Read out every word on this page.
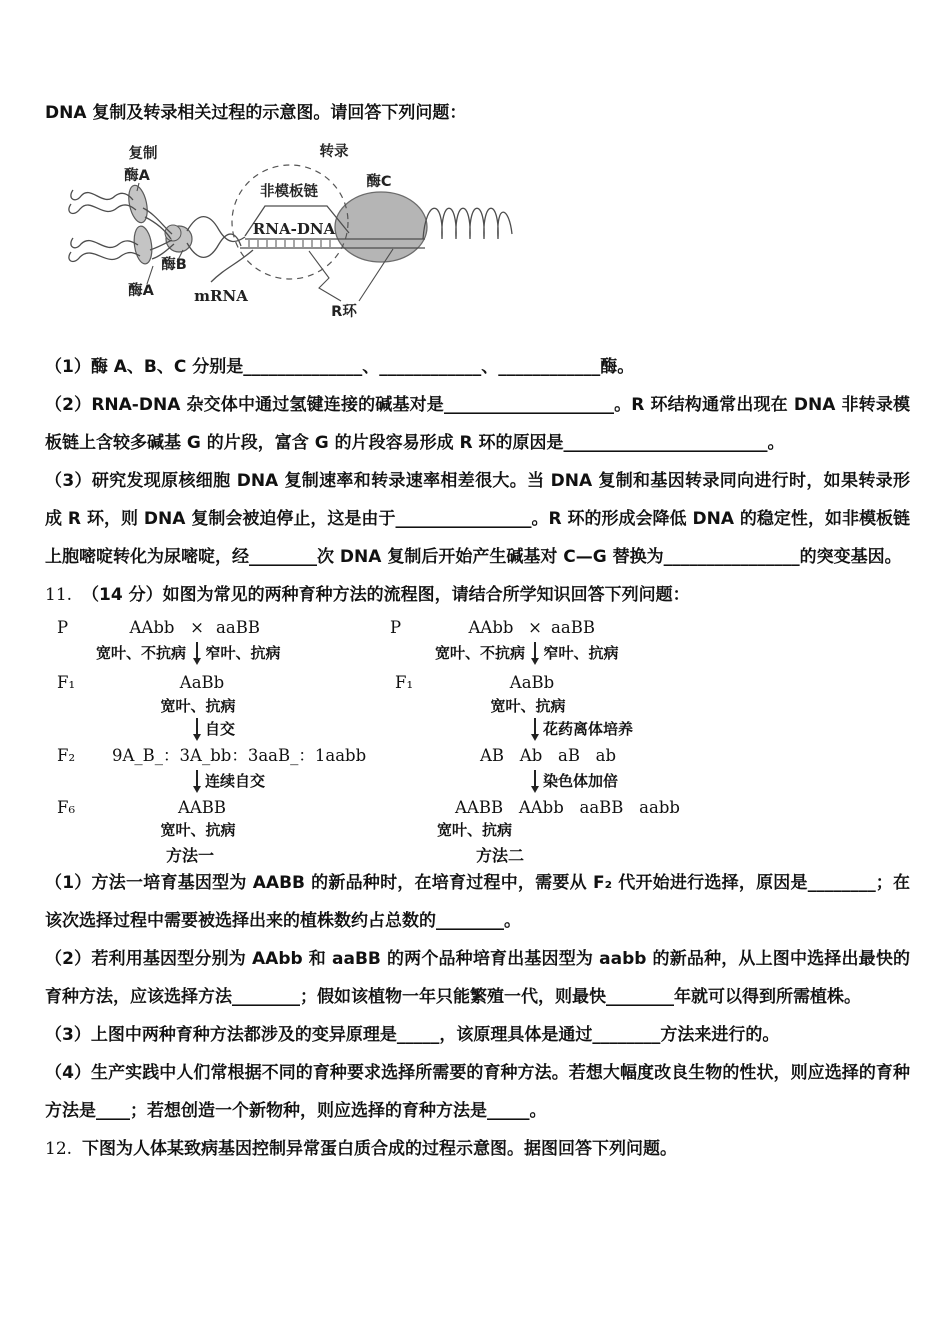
DNA 复制及转录相关过程的示意图。请回答下列问题：

复制
酶A
转录
非模板链
酶C
RNA-DNA
酶B
酶A	mRNA
R环

（1）酶 A、B、C 分别是______________、____________、____________酶。

（2）RNA-DNA 杂交体中通过氢键连接的碱基对是____________________。R 环结构通常出现在 DNA 非转录模板链上含较多碱基 G 的片段，富含 G 的片段容易形成 R 环的原因是________________________。

（3）研究发现原核细胞 DNA 复制速率和转录速率相差很大。当 DNA 复制和基因转录同向进行时，如果转录形成 R 环，则 DNA 复制会被迫停止，这是由于________________。R 环的形成会降低 DNA 的稳定性，如非模板链上胞嘧啶转化为尿嘧啶，经________次 DNA 复制后开始产生碱基对 C—G 替换为________________的突变基因。

11. （14 分）如图为常见的两种育种方法的流程图，请结合所学知识回答下列问题：

P	AAbb × aaBB
宽叶、不抗病 窄叶、抗病
F₁	AaBb
宽叶、抗病
自交
F₂ 9A_B_：3A_bb：3aaB_：1aabb
连续自交
F₆	AABB
宽叶、抗病
方法一
P	AAbb × aaBB
宽叶、不抗病 窄叶、抗病
F₁	AaBb
宽叶、抗病
花药离体培养
AB   Ab   aB   ab
染色体加倍
AABB   AAbb   aaBB   aabb
宽叶、抗病
方法二

（1）方法一培育基因型为 AABB 的新品种时，在培育过程中，需要从 F₂ 代开始进行选择，原因是________；在该次选择过程中需要被选择出来的植株数约占总数的________。

（2）若利用基因型分别为 AAbb 和 aaBB 的两个品种培育出基因型为 aabb 的新品种，从上图中选择出最快的育种方法，应该选择方法________；假如该植物一年只能繁殖一代，则最快________年就可以得到所需植株。

（3）上图中两种育种方法都涉及的变异原理是_____，该原理具体是通过________方法来进行的。

（4）生产实践中人们常根据不同的育种要求选择所需要的育种方法。若想大幅度改良生物的性状，则应选择的育种方法是____；若想创造一个新物种，则应选择的育种方法是_____。

12. 下图为人体某致病基因控制异常蛋白质合成的过程示意图。据图回答下列问题。
